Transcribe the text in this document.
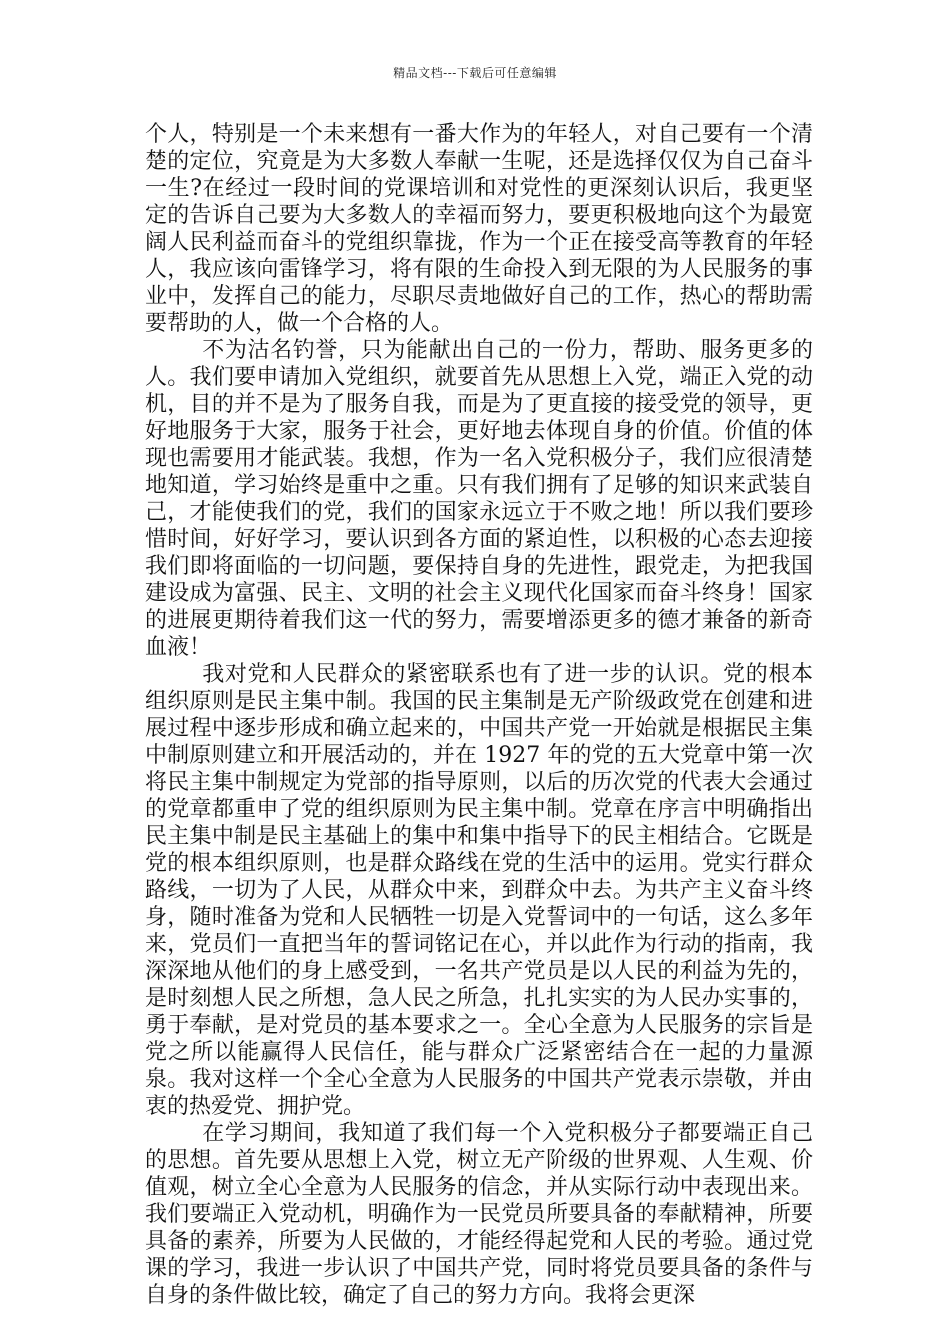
精品文档---下载后可任意编辑

个人，特别是一个未来想有一番大作为的年轻人，对自己要有一个清楚的定位，究竟是为大多数人奉献一生呢，还是选择仅仅为自己奋斗一生?在经过一段时间的党课培训和对党性的更深刻认识后，我更坚定的告诉自己要为大多数人的幸福而努力，要更积极地向这个为最宽阔人民利益而奋斗的党组织靠拢，作为一个正在接受高等教育的年轻人，我应该向雷锋学习，将有限的生命投入到无限的为人民服务的事业中，发挥自己的能力，尽职尽责地做好自己的工作，热心的帮助需要帮助的人，做一个合格的人。

不为沽名钓誉，只为能献出自己的一份力，帮助、服务更多的人。我们要申请加入党组织，就要首先从思想上入党，端正入党的动机，目的并不是为了服务自我，而是为了更直接的接受党的领导，更好地服务于大家，服务于社会，更好地去体现自身的价值。价值的体现也需要用才能武装。我想，作为一名入党积极分子，我们应很清楚地知道，学习始终是重中之重。只有我们拥有了足够的知识来武装自己，才能使我们的党，我们的国家永远立于不败之地！所以我们要珍惜时间，好好学习，要认识到各方面的紧迫性，以积极的心态去迎接我们即将面临的一切问题，要保持自身的先进性，跟党走，为把我国建设成为富强、民主、文明的社会主义现代化国家而奋斗终身！国家的进展更期待着我们这一代的努力，需要增添更多的德才兼备的新奇血液！

我对党和人民群众的紧密联系也有了进一步的认识。党的根本组织原则是民主集中制。我国的民主集制是无产阶级政党在创建和进展过程中逐步形成和确立起来的，中国共产党一开始就是根据民主集中制原则建立和开展活动的，并在 1927 年的党的五大党章中第一次将民主集中制规定为党部的指导原则，以后的历次党的代表大会通过的党章都重申了党的组织原则为民主集中制。党章在序言中明确指出民主集中制是民主基础上的集中和集中指导下的民主相结合。它既是党的根本组织原则，也是群众路线在党的生活中的运用。党实行群众路线，一切为了人民，从群众中来，到群众中去。为共产主义奋斗终身，随时准备为党和人民牺牲一切是入党誓词中的一句话，这么多年来，党员们一直把当年的誓词铭记在心，并以此作为行动的指南，我深深地从他们的身上感受到，一名共产党员是以人民的利益为先的，是时刻想人民之所想，急人民之所急，扎扎实实的为人民办实事的，勇于奉献，是对党员的基本要求之一。全心全意为人民服务的宗旨是党之所以能赢得人民信任，能与群众广泛紧密结合在一起的力量源泉。我对这样一个全心全意为人民服务的中国共产党表示崇敬，并由衷的热爱党、拥护党。

在学习期间，我知道了我们每一个入党积极分子都要端正自己的思想。首先要从思想上入党，树立无产阶级的世界观、人生观、价值观，树立全心全意为人民服务的信念，并从实际行动中表现出来。我们要端正入党动机，明确作为一民党员所要具备的奉献精神，所要具备的素养，所要为人民做的，才能经得起党和人民的考验。通过党课的学习，我进一步认识了中国共产党，同时将党员要具备的条件与自身的条件做比较，确定了自己的努力方向。我将会更深
